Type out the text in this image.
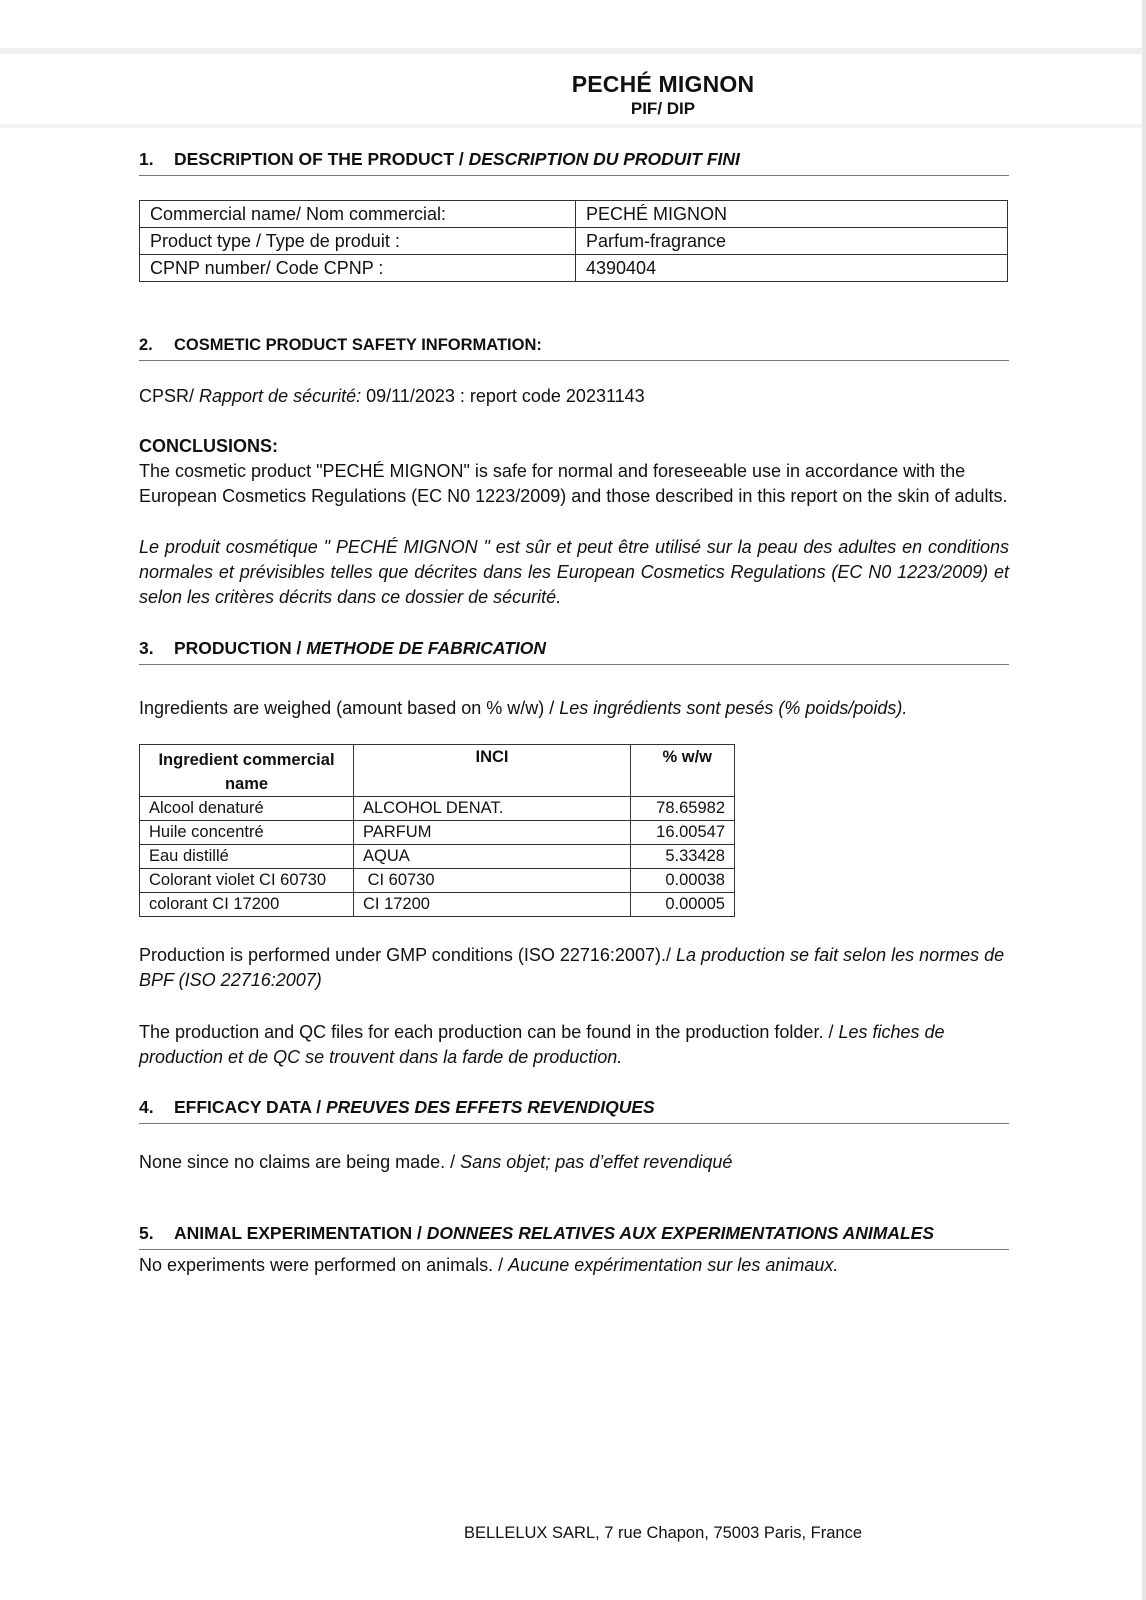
PECHÉ MIGNON
PIF/ DIP
1. DESCRIPTION OF THE PRODUCT / DESCRIPTION DU PRODUIT FINI
Commercial name/ Nom commercial:	PECHÉ MIGNON
Product type / Type de produit :	Parfum-fragrance
CPNP number/ Code CPNP :	4390404
2. COSMETIC PRODUCT SAFETY INFORMATION:
CPSR/ Rapport de sécurité: 09/11/2023 : report code 20231143
CONCLUSIONS:
The cosmetic product "PECHÉ MIGNON" is safe for normal and foreseeable use in accordance with the European Cosmetics Regulations (EC N0 1223/2009) and those described in this report on the skin of adults.
Le produit cosmétique " PECHÉ MIGNON " est sûr et peut être utilisé sur la peau des adultes en conditions normales et prévisibles telles que décrites dans les European Cosmetics Regulations (EC N0 1223/2009) et selon les critères décrits dans ce dossier de sécurité.
3. PRODUCTION / METHODE DE FABRICATION
Ingredients are weighed (amount based on % w/w) / Les ingrédients sont pesés (% poids/poids).
Ingredient commercial name	INCI	% w/w
Alcool denaturé	ALCOHOL DENAT.	78.65982
Huile concentré	PARFUM	16.00547
Eau distillé	AQUA	5.33428
Colorant violet CI 60730	CI 60730	0.00038
colorant CI 17200	CI 17200	0.00005
Production is performed under GMP conditions (ISO 22716:2007)./ La production se fait selon les normes de BPF (ISO 22716:2007)
The production and QC files for each production can be found in the production folder. / Les fiches de production et de QC se trouvent dans la farde de production.
4. EFFICACY DATA / PREUVES DES EFFETS REVENDIQUES
None since no claims are being made. / Sans objet; pas d’effet revendiqué
5. ANIMAL EXPERIMENTATION / DONNEES RELATIVES AUX EXPERIMENTATIONS ANIMALES
No experiments were performed on animals. / Aucune expérimentation sur les animaux.
BELLELUX SARL, 7 rue Chapon, 75003 Paris, France
